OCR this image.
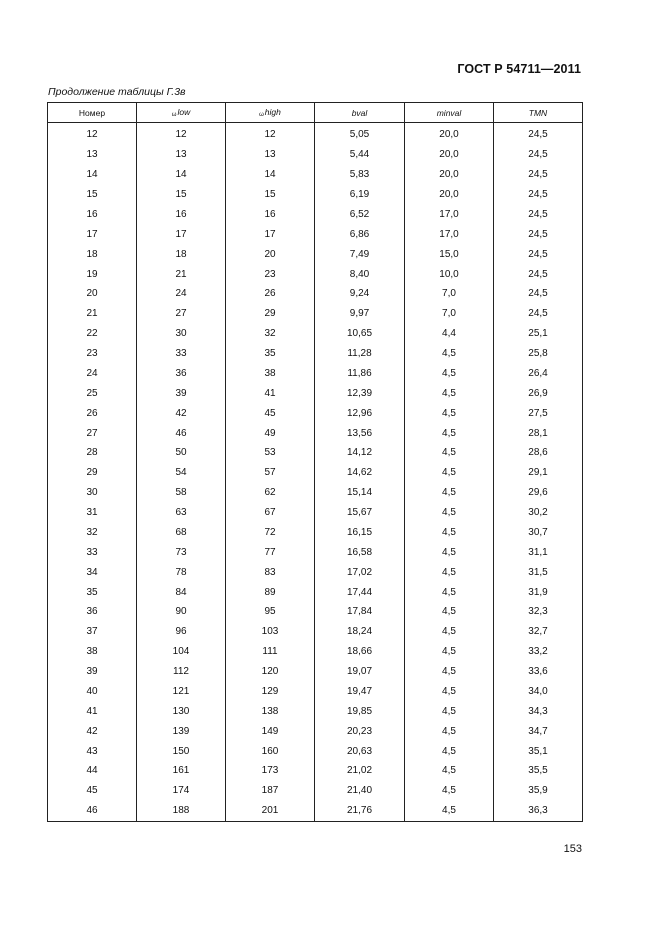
ГОСТ Р 54711—2011
Продолжение таблицы Г.3в
Номер	ωlow	ωhigh	bval	minval	TMN
12	12	12	5,05	20,0	24,5
13	13	13	5,44	20,0	24,5
14	14	14	5,83	20,0	24,5
15	15	15	6,19	20,0	24,5
16	16	16	6,52	17,0	24,5
17	17	17	6,86	17,0	24,5
18	18	20	7,49	15,0	24,5
19	21	23	8,40	10,0	24,5
20	24	26	9,24	7,0	24,5
21	27	29	9,97	7,0	24,5
22	30	32	10,65	4,4	25,1
23	33	35	11,28	4,5	25,8
24	36	38	11,86	4,5	26,4
25	39	41	12,39	4,5	26,9
26	42	45	12,96	4,5	27,5
27	46	49	13,56	4,5	28,1
28	50	53	14,12	4,5	28,6
29	54	57	14,62	4,5	29,1
30	58	62	15,14	4,5	29,6
31	63	67	15,67	4,5	30,2
32	68	72	16,15	4,5	30,7
33	73	77	16,58	4,5	31,1
34	78	83	17,02	4,5	31,5
35	84	89	17,44	4,5	31,9
36	90	95	17,84	4,5	32,3
37	96	103	18,24	4,5	32,7
38	104	111	18,66	4,5	33,2
39	112	120	19,07	4,5	33,6
40	121	129	19,47	4,5	34,0
41	130	138	19,85	4,5	34,3
42	139	149	20,23	4,5	34,7
43	150	160	20,63	4,5	35,1
44	161	173	21,02	4,5	35,5
45	174	187	21,40	4,5	35,9
46	188	201	21,76	4,5	36,3
153
